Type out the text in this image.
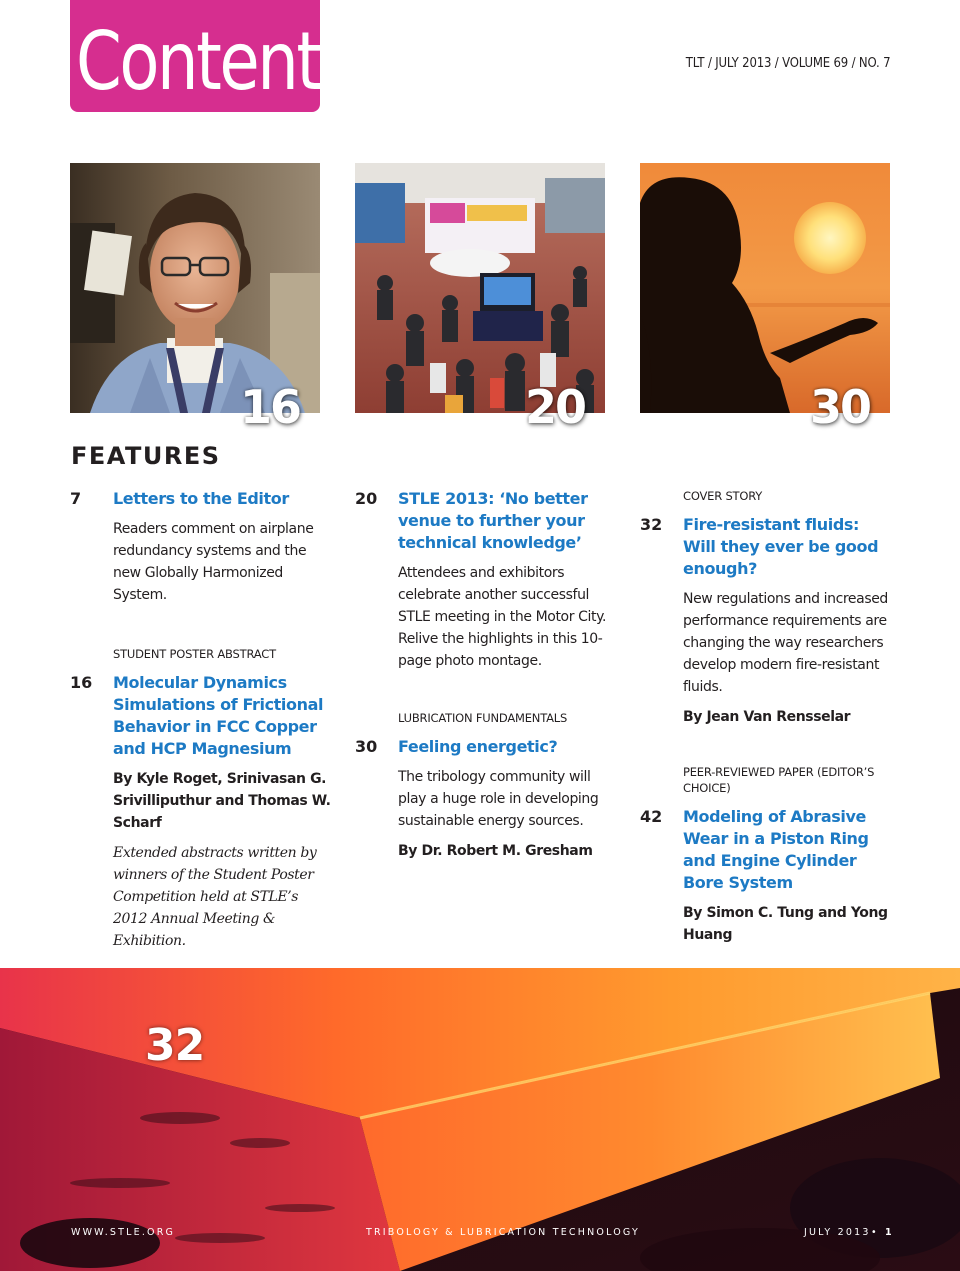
Contents	TLT / JULY 2013 / VOLUME 69 / NO. 7
16	20	30
FEATURES
7 Letters to the Editor
Readers comment on airplane redundancy systems and the new Globally Harmonized System.
STUDENT POSTER ABSTRACT
16 Molecular Dynamics Simulations of Frictional Behavior in FCC Copper and HCP Magnesium
By Kyle Roget, Srinivasan G. Srivilliputhur and Thomas W. Scharf
Extended abstracts written by winners of the Student Poster Competition held at STLE’s 2012 Annual Meeting & Exhibition.
20 STLE 2013: ‘No better venue to further your technical knowledge’
Attendees and exhibitors celebrate another successful STLE meeting in the Motor City. Relive the highlights in this 10-page photo montage.
LUBRICATION FUNDAMENTALS
30 Feeling energetic?
The tribology community will play a huge role in developing sustainable energy sources.
By Dr. Robert M. Gresham
COVER STORY
32 Fire-resistant fluids: Will they ever be good enough?
New regulations and increased performance requirements are changing the way researchers develop modern fire-resistant fluids.
By Jean Van Rensselar
PEER-REVIEWED PAPER (EDITOR’S CHOICE)
42 Modeling of Abrasive Wear in a Piston Ring and Engine Cylinder Bore System
By Simon C. Tung and Yong Huang
32
WWW.STLE.ORG	TRIBOLOGY & LUBRICATION TECHNOLOGY	JULY 2013 • 1
